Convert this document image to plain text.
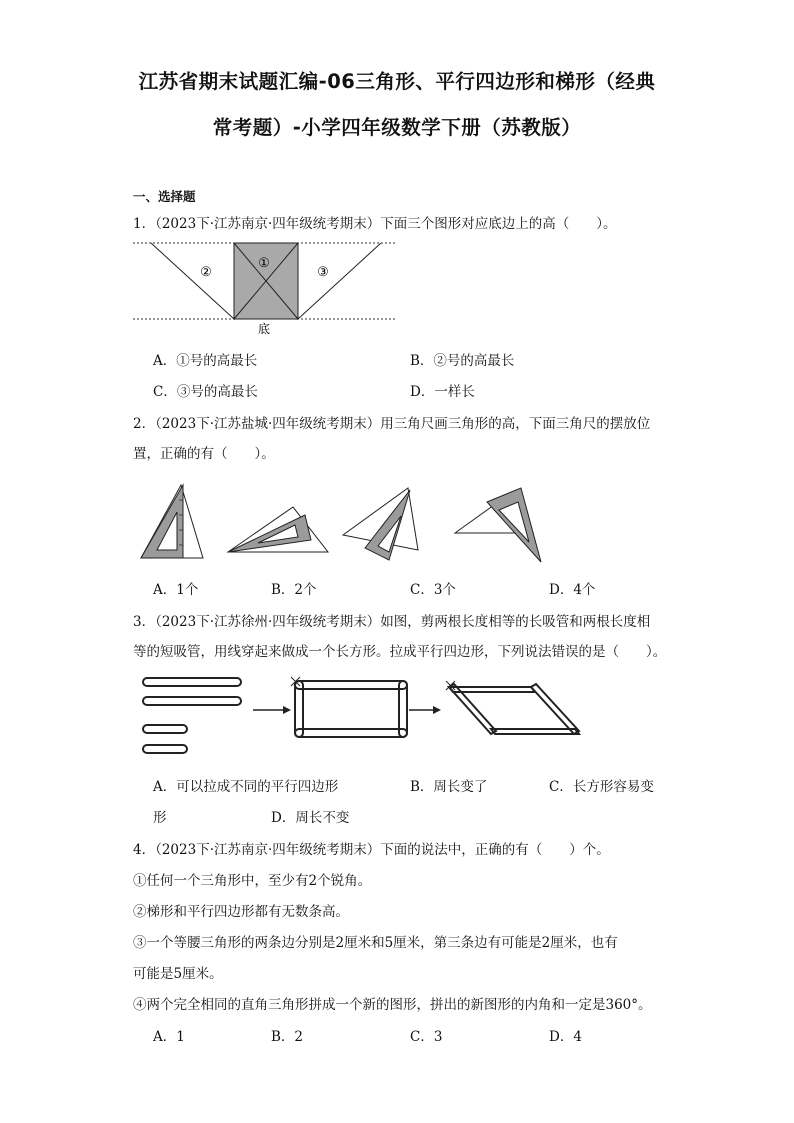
江苏省期末试题汇编-06三角形、平行四边形和梯形（经典
常考题）-小学四年级数学下册（苏教版）
一、选择题
1．（2023下·江苏南京·四年级统考期末）下面三个图形对应底边上的高（　　）。
②
①
③
底
A．①号的高最长	B．②号的高最长
C．③号的高最长	D．一样长
2．（2023下·江苏盐城·四年级统考期末）用三角尺画三角形的高，下面三角尺的摆放位
置，正确的有（　　）。
A．1个	B．2个	C．3个	D．4个
3．（2023下·江苏徐州·四年级统考期末）如图，剪两根长度相等的长吸管和两根长度相
等的短吸管，用线穿起来做成一个长方形。拉成平行四边形，下列说法错误的是（　　）。
A．可以拉成不同的平行四边形	B．周长变了	C．长方形容易变
形	D．周长不变
4．（2023下·江苏南京·四年级统考期末）下面的说法中，正确的有（　　）个。
①任何一个三角形中，至少有2个锐角。
②梯形和平行四边形都有无数条高。
③一个等腰三角形的两条边分别是2厘米和5厘米，第三条边有可能是2厘米，也有
可能是5厘米。
④两个完全相同的直角三角形拼成一个新的图形，拼出的新图形的内角和一定是360°。
A．1	B．2	C．3	D．4
